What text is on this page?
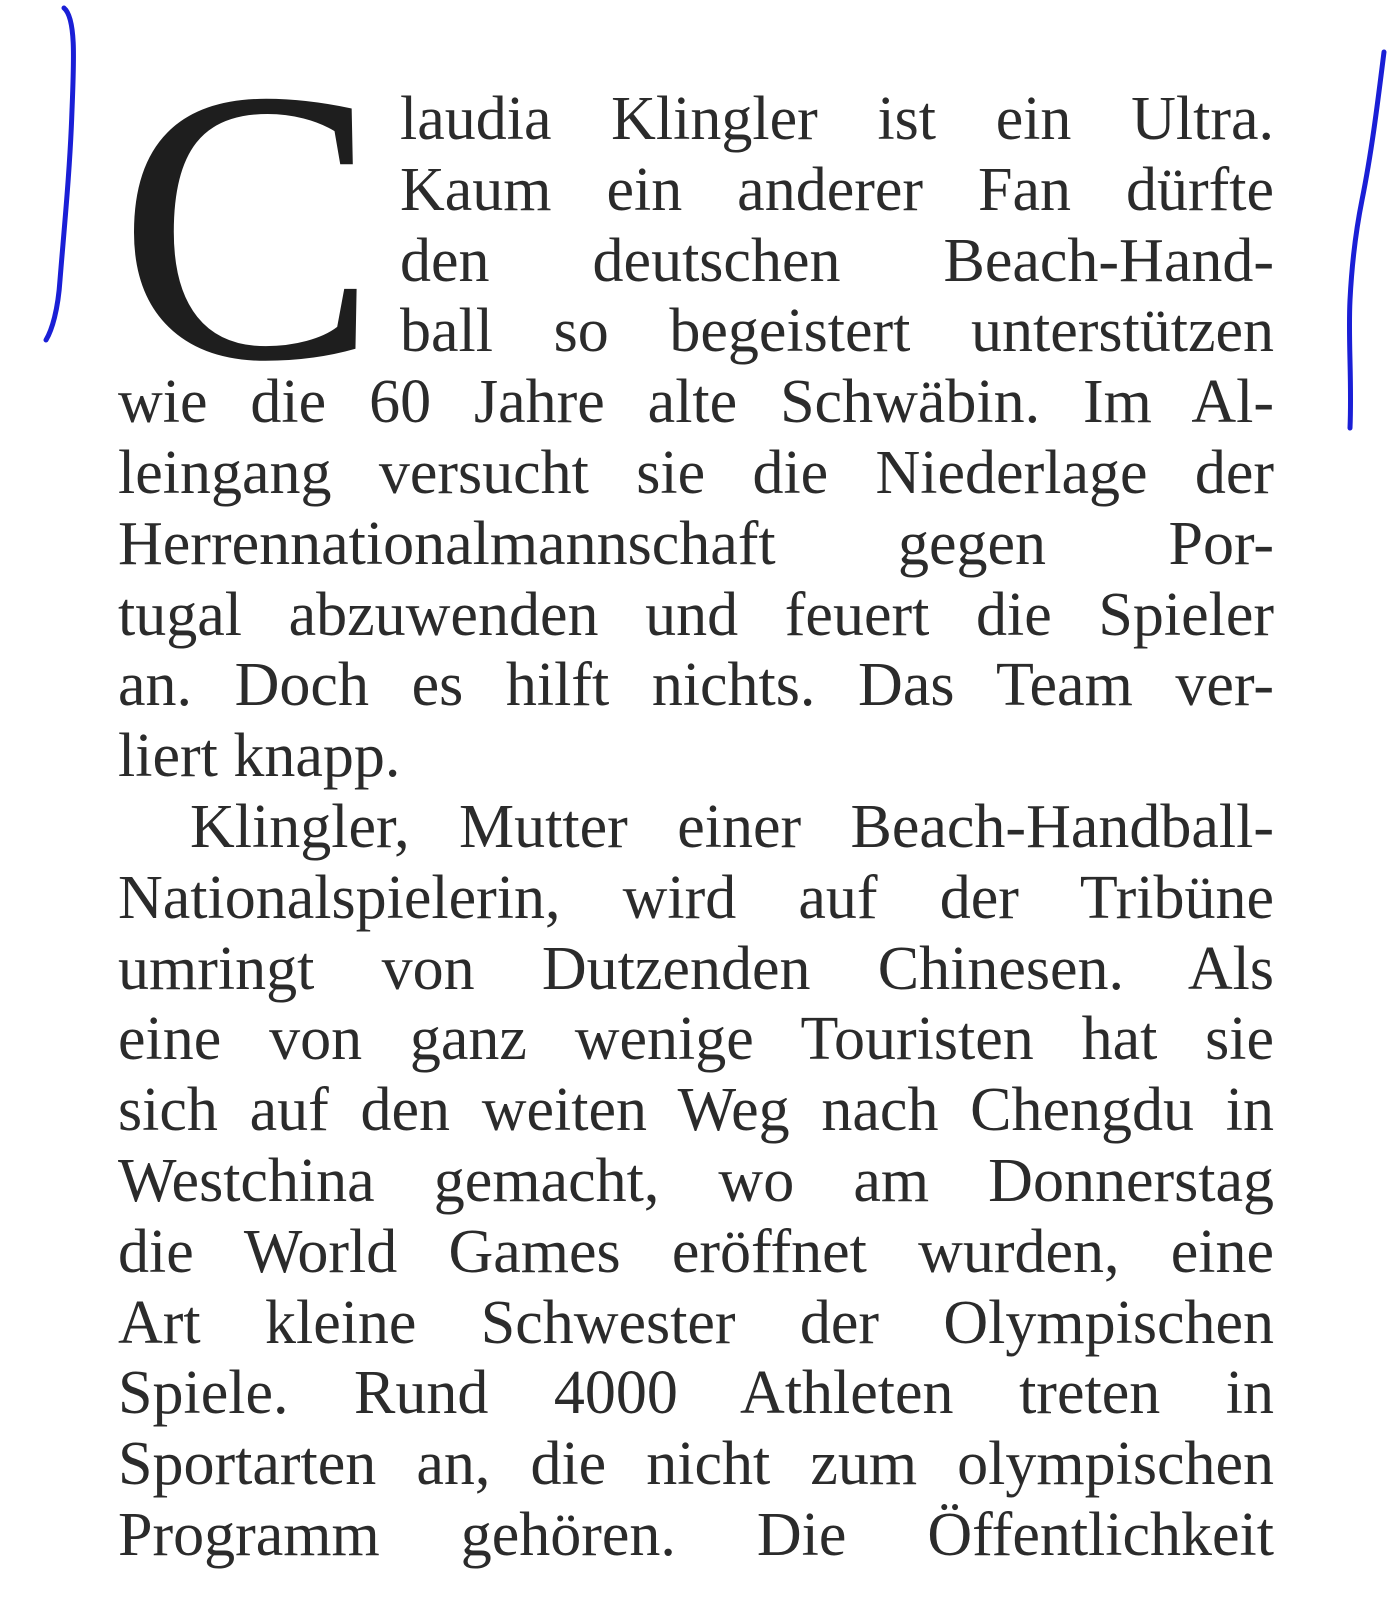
C laudia Klingler ist ein Ultra.
Kaum ein anderer Fan dürfte
den deutschen Beach-Hand-
ball so begeistert unterstützen
wie die 60 Jahre alte Schwäbin. Im Al-
leingang versucht sie die Niederlage der
Herrennationalmannschaft gegen Por-
tugal abzuwenden und feuert die Spieler
an. Doch es hilft nichts. Das Team ver-
liert knapp.
Klingler, Mutter einer Beach-Handball-
Nationalspielerin, wird auf der Tribüne
umringt von Dutzenden Chinesen. Als
eine von ganz wenige Touristen hat sie
sich auf den weiten Weg nach Chengdu in
Westchina gemacht, wo am Donnerstag
die World Games eröffnet wurden, eine
Art kleine Schwester der Olympischen
Spiele. Rund 4000 Athleten treten in
Sportarten an, die nicht zum olympischen
Programm gehören. Die Öffentlichkeit
